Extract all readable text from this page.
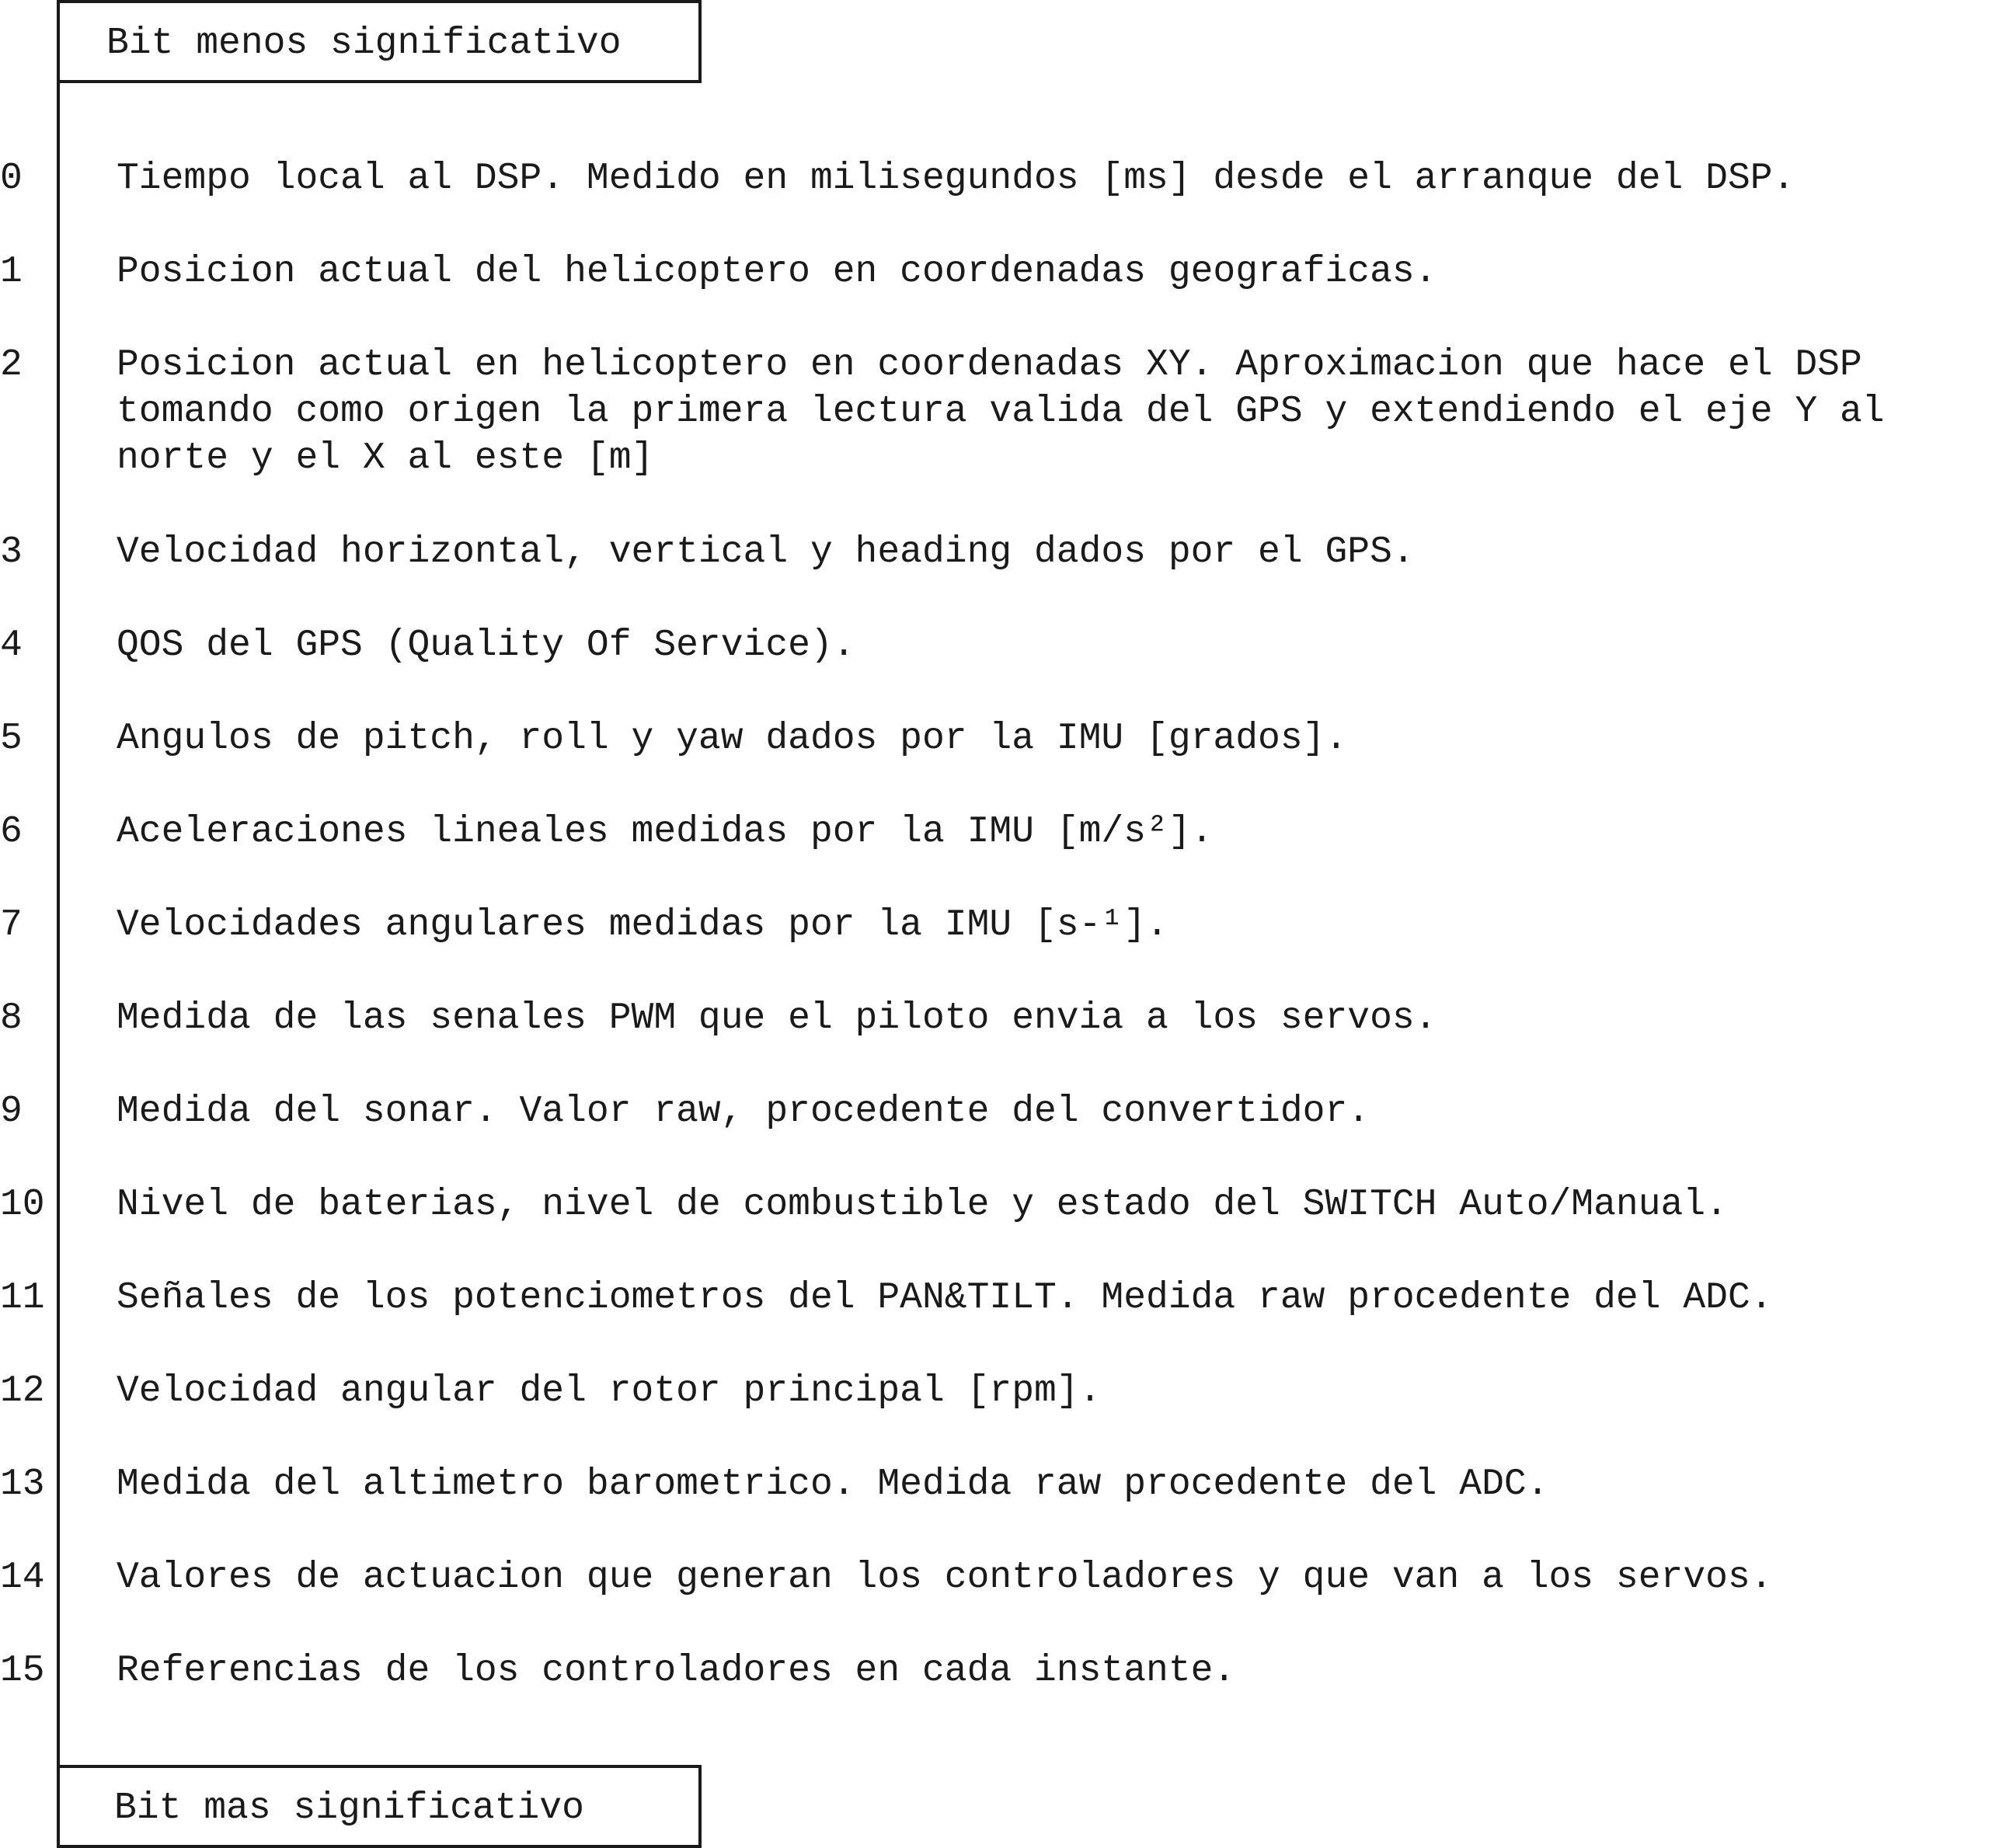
Bit menos significativo

0	Tiempo local al DSP. Medido en milisegundos [ms] desde el arranque del DSP.
1	Posicion actual del helicoptero en coordenadas geograficas.
2	Posicion actual en helicoptero en coordenadas XY. Aproximacion que hace el DSP
tomando como origen la primera lectura valida del GPS y extendiendo el eje Y al
norte y el X al este [m]
3	Velocidad horizontal, vertical y heading dados por el GPS.
4	QOS del GPS (Quality Of Service).
5	Angulos de pitch, roll y yaw dados por la IMU [grados].
6	Aceleraciones lineales medidas por la IMU [m/s²].
7	Velocidades angulares medidas por la IMU [s-¹].
8	Medida de las senales PWM que el piloto envia a los servos.
9	Medida del sonar. Valor raw, procedente del convertidor.
10 Nivel de baterias, nivel de combustible y estado del SWITCH Auto/Manual.
11 Señales de los potenciometros del PAN&TILT. Medida raw procedente del ADC.
12 Velocidad angular del rotor principal [rpm].
13 Medida del altimetro barometrico. Medida raw procedente del ADC.
14 Valores de actuacion que generan los controladores y que van a los servos.
15 Referencias de los controladores en cada instante.

Bit mas significativo
